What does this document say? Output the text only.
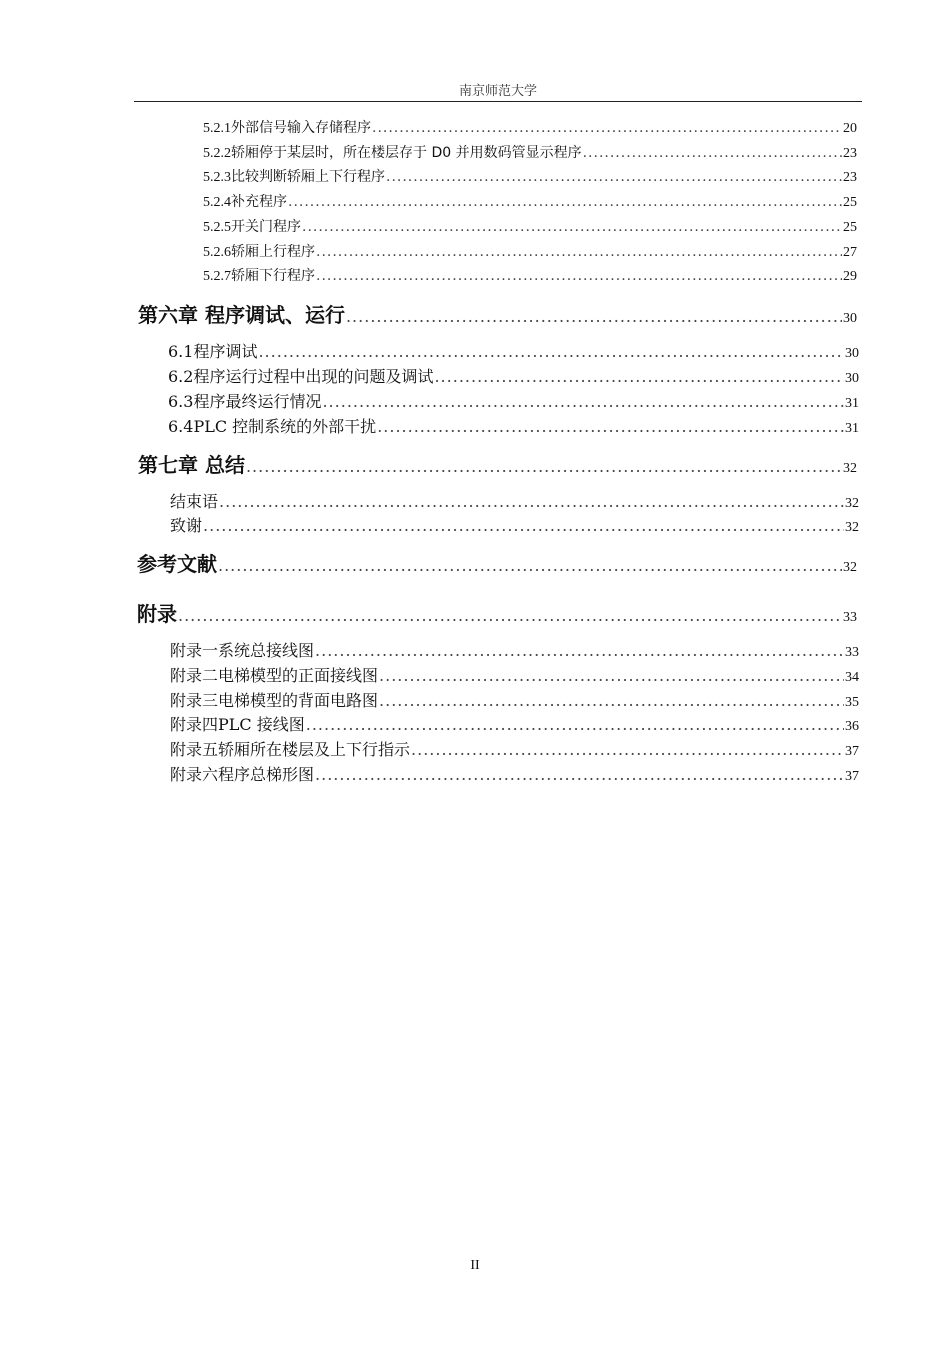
南京师范大学
5.2.1 外部信号输入存储程序 .....	20
5.2.2 轿厢停于某层时，所在楼层存于 D0 并用数码管显示程序 .....	23
5.2.3 比较判断轿厢上下行程序 .....	23
5.2.4 补充程序 .....	25
5.2.5 开关门程序 .....	25
5.2.6 轿厢上行程序 .....	27
5.2.7 轿厢下行程序 .....	29
第六章 程序调试、运行 .....	30
6.1 程序调试 .....	30
6.2 程序运行过程中出现的问题及调试 .....	30
6.3 程序最终运行情况 .....	31
6.4 PLC 控制系统的外部干扰 .....	31
第七章 总结 .....	32
结束语 .....	32
致谢 .....	32
参考文献 .....	32
附录 .....	33
附录一 系统总接线图 .....	33
附录二 电梯模型的正面接线图 .....	34
附录三 电梯模型的背面电路图 .....	35
附录四 PLC 接线图 .....	36
附录五 轿厢所在楼层及上下行指示 .....	37
附录六 程序总梯形图 .....	37
II
